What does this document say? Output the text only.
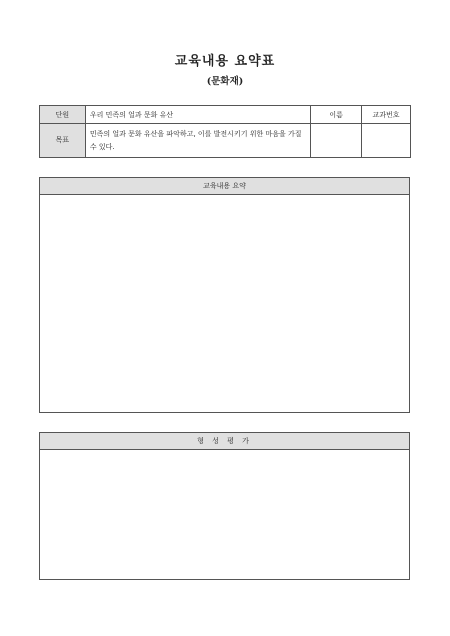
교육내용 요약표
(문화재)
단원	우리 민족의 얼과 문화 유산	이름	교과번호
목표	민족의 얼과 문화 유산을 파악하고, 이를 발전시키기 위한 마음을 가질 수 있다.		
교육내용 요약
형 성 평 가
